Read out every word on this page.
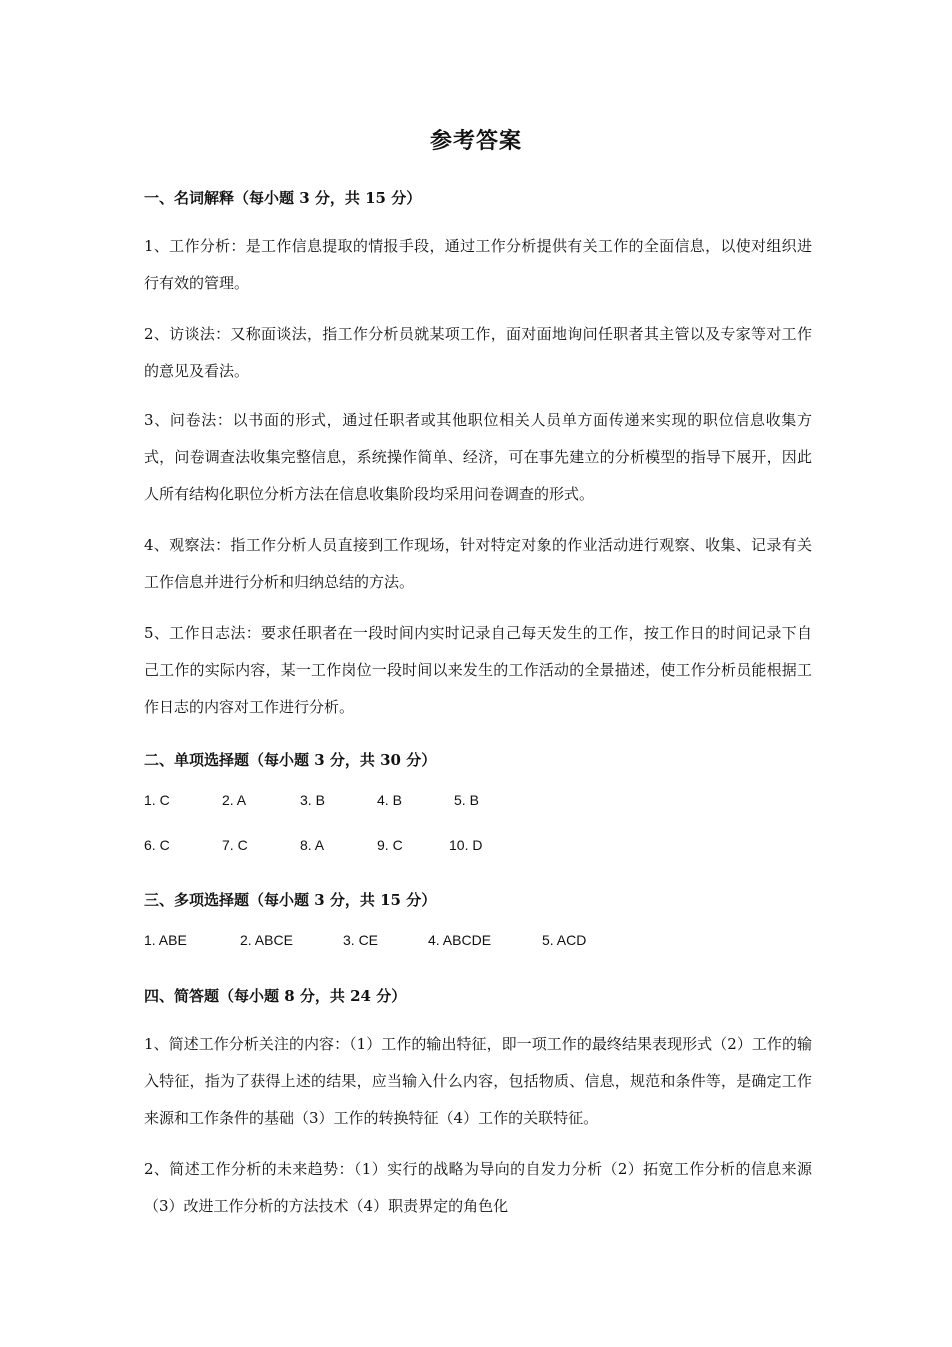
参考答案
一、名词解释（每小题 3 分，共 15 分）
1、工作分析：是工作信息提取的情报手段，通过工作分析提供有关工作的全面信息，以使对组织进行有效的管理。
2、访谈法：又称面谈法，指工作分析员就某项工作，面对面地询问任职者其主管以及专家等对工作的意见及看法。
3、问卷法：以书面的形式，通过任职者或其他职位相关人员单方面传递来实现的职位信息收集方式，问卷调查法收集完整信息，系统操作简单、经济，可在事先建立的分析模型的指导下展开，因此人所有结构化职位分析方法在信息收集阶段均采用问卷调查的形式。
4、观察法：指工作分析人员直接到工作现场，针对特定对象的作业活动进行观察、收集、记录有关工作信息并进行分析和归纳总结的方法。
5、工作日志法：要求任职者在一段时间内实时记录自己每天发生的工作，按工作日的时间记录下自己工作的实际内容，某一工作岗位一段时间以来发生的工作活动的全景描述，使工作分析员能根据工作日志的内容对工作进行分析。
二、单项选择题（每小题 3 分，共 30 分）
1. C	2. A	3. B	4. B	5. B
6. C	7. C	8. A	9. C	10. D
三、多项选择题（每小题 3 分，共 15 分）
1. ABE	2. ABCE	3. CE	4. ABCDE	5. ACD
四、简答题（每小题 8 分，共 24 分）
1、简述工作分析关注的内容：（1）工作的输出特征，即一项工作的最终结果表现形式（2）工作的输入特征，指为了获得上述的结果，应当输入什么内容，包括物质、信息，规范和条件等，是确定工作来源和工作条件的基础（3）工作的转换特征（4）工作的关联特征。
2、简述工作分析的未来趋势：（1）实行的战略为导向的自发力分析（2）拓宽工作分析的信息来源（3）改进工作分析的方法技术（4）职责界定的角色化
